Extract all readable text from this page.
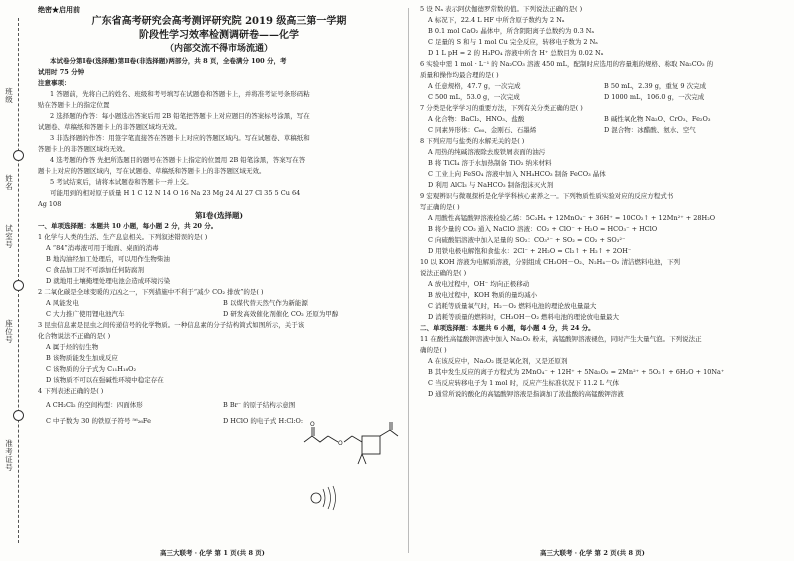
班级
姓名
试室号
座位号
准考证号
绝密★启用前
广东省高考研究会高考测评研究院 2019 级高三第一学期
阶段性学习效率检测调研卷——化学
（内部交流不得市场流通）
本试卷分第Ⅰ卷(选择题)第Ⅱ卷(非选择题)两部分，共 8 页，全卷满分 100 分，考
试用时 75 分钟
注意事项：
1 答题前，先将自己的姓名、班级和考号填写在试题卷和答题卡上，并将准考证号条形码粘
贴在答题卡上的指定位置
2 选择题的作答：每小题选出答案后用 2B 铅笔把答题卡上对应题目的答案标号涂黑，写在
试题卷、草稿纸和答题卡上的非答题区域均无效。
3 非选择题的作答：用签字笔直接答在答题卡上对应的答题区域内。写在试题卷、草稿纸和
答题卡上的非答题区域均无效。
4 选考题的作答 先把所选题目的题号在答题卡上指定的位置用 2B 铅笔涂黑，答案写在答
题卡上对应的答题区域内，写在试题卷、草稿纸和答题卡上的非答题区域无效。
5 考试结束后，请将本试题卷和答题卡一并上交。
可能用到的相对原子质量 H 1 C 12 N 14 O 16 Na 23 Mg 24 Al 27 Cl 35 5 Cu 64
Ag 108
第Ⅰ卷(选择题)
一、单项选择题：本题共 10 小题，每小题 2 分，共 20 分。
1 化学与人类的生活、生产息息相关。下列叙述错误的是( )
A “84”消毒液可用于地面、桌面的消毒
B 地沟油经加工处理后，可以用作生物柴油
C 食品加工时不可添加任何防腐剂
D 就地用土壤掩埋处理电池会造成环境污染
2 二氧化碳是全球变暖的元凶之一，下列措施中不利于“减少 CO₂ 排放”的是( )
A 风能发电	B 以煤代替天然气作为新能源
C 大力推广使用锂电池汽车	D 研发高效催化剂催化 CO₂ 还原为甲醇
3 昆虫信息素是昆虫之间传递信号的化学物质。一种信息素的分子结构简式如图所示，关于该
化合物说法不正确的是( )
A 属于烃的衍生物
B 该物质能发生加成反应
C 该物质的分子式为 C₁₁H₁₈O₂
D 该物质不可以在强碱性环境中稳定存在
4 下列表述正确的是( )
A CH₂Cl₂ 的空间构型：四面体形	B Br⁻ 的原子结构示意图
C 中子数为 30 的铁原子符号 ⁵⁶₂₆Fe	D HClO 的电子式 H:Cl:O:	O
O
高三大联考 · 化学 第 1 页(共 8 页)
5 设 Nₐ 表示阿伏伽德罗常数的值。下列说法正确的是( )
A 标况下，22.4 L HF 中所含原子数约为 2 Nₐ
B 0.1 mol CaO₂ 晶体中，所含阴阳离子总数约为 0.3 Nₐ
C 足量的 S 和与 1 mol Cu 完全反应，转移电子数为 2 Nₐ
D 1 L pH = 2 的 H₃PO₄ 溶液中所含 H⁺ 总数目为 0.02 Nₐ
6 实验中需 1 mol · L⁻¹ 的 Na₂CO₃ 溶液 450 mL，配制时应选用的容量瓶的规格、称取 Na₂CO₃ 的
质量和操作均最合理的是( )
A 任意规格，47.7 g，一次完成	B 50 mL，2.39 g，重复 9 次完成
C 500 mL，53.0 g，一次完成	D 1000 mL，106.0 g，一次完成
7 分类是化学学习的重要方法，下列有关分类正确的是( )
A 化合物：BaCl₂、HNO₃、盐酸	B 碱性氧化物 Na₂O、CrO₃、Fe₂O₃
C 同素异形体：C₆₀、金刚石、石墨烯	D 混合物：冰醋酸、氨水、空气
8 下列应用与盐类的水解无关的是( )
A 用热的纯碱溶液除去废铁屑表面的油污
B 将 TiCl₄ 溶于水加热制备 TiO₂ 纳米材料
C 工业上向 FeSO₄ 溶液中加入 NH₄HCO₃ 制备 FeCO₃ 晶体
D 利用 AlCl₃ 与 NaHCO₃ 制备泡沫灭火剂
9 宏观辨识与微观探析是化学学科核心素养之一。下列物质性质实验对应的反应方程式书
写正确的是( )
A 用酸性高锰酸钾溶液检验乙烯：5C₂H₄ + 12MnO₄⁻ + 36H⁺ = 10CO₂↑ + 12Mn²⁺ + 28H₂O
B 将少量的 CO₂ 通入 NaClO 溶液：CO₂ + ClO⁻ + H₂O = HCO₃⁻ + HClO
C 向硫酸铝溶液中加入足量的 SO₂：CO₃²⁻ + SO₂ = CO₂ + SO₃²⁻
D 用铁电极电解饱和食盐水：2Cl⁻ + 2H₂O = Cl₂↑ + H₂↑ + 2OH⁻
10 以 KOH 溶液为电解质溶液，分别组成 CH₃OH－O₂、N₂H₄－O₂ 清洁燃料电池，下列
说法正确的是( )
A 放电过程中，OH⁻ 均向正极移动
B 放电过程中，KOH 物质的量均减小
C 消耗等质量氧气时，H₂－O₂ 燃料电池的理论放电量最大
D 消耗等质量的燃料时，CH₃OH－O₂ 燃料电池的理论放电量最大
二、单项选择题：本题共 6 小题，每小题 4 分，共 24 分。
11 在酸性高锰酸钾溶液中加入 Na₂O₂ 粉末，高锰酸钾溶液褪色，同时产生大量气泡。下列说法正
确的是( )
A 在该反应中，Na₂O₂ 既是氧化剂，又是还原剂
B 其中发生反应的离子方程式为 2MnO₄⁻ + 12H⁺ + 5Na₂O₂ = 2Mn²⁺ + 5O₂↑ + 6H₂O + 10Na⁺
C 当反应转移电子为 1 mol 时，反应产生标准状况下 11.2 L 气体
D 通常所说的酸化的高锰酸钾溶液是指滴加了浓盐酸的高锰酸钾溶液
高三大联考 · 化学 第 2 页(共 8 页)
